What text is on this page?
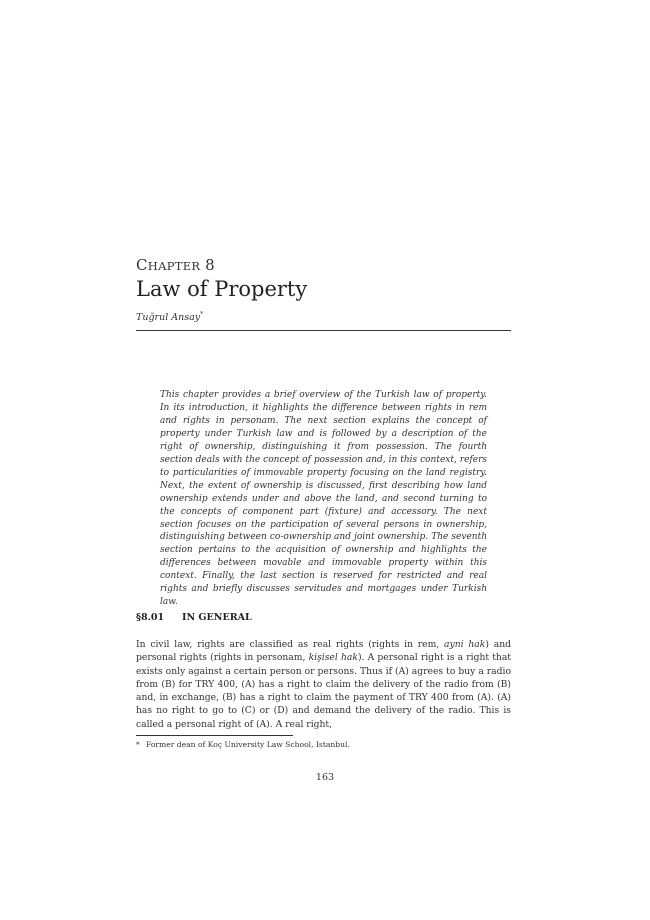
CHAPTER 8
Law of Property
Tuğrul Ansay*

This chapter provides a brief overview of the Turkish law of property. In its introduction, it highlights the difference between rights in rem and rights in personam. The next section explains the concept of property under Turkish law and is followed by a description of the right of ownership, distinguishing it from possession. The fourth section deals with the concept of possession and, in this context, refers to particularities of immovable property focusing on the land registry. Next, the extent of ownership is discussed, first describing how land ownership extends under and above the land, and second turning to the concepts of component part (fixture) and accessory. The next section focuses on the participation of several persons in ownership, distinguishing between co-ownership and joint ownership. The seventh section pertains to the acquisition of ownership and highlights the differences between movable and immovable property within this context. Finally, the last section is reserved for restricted and real rights and briefly discusses servitudes and mortgages under Turkish law.

§8.01 IN GENERAL

In civil law, rights are classified as real rights (rights in rem, ayni hak) and personal rights (rights in personam, kişisel hak). A personal right is a right that exists only against a certain person or persons. Thus if (A) agrees to buy a radio from (B) for TRY 400, (A) has a right to claim the delivery of the radio from (B) and, in exchange, (B) has a right to claim the payment of TRY 400 from (A). (A) has no right to go to (C) or (D) and demand the delivery of the radio. This is called a personal right of (A). A real right,

* Former dean of Koç University Law School, Istanbul.
163
